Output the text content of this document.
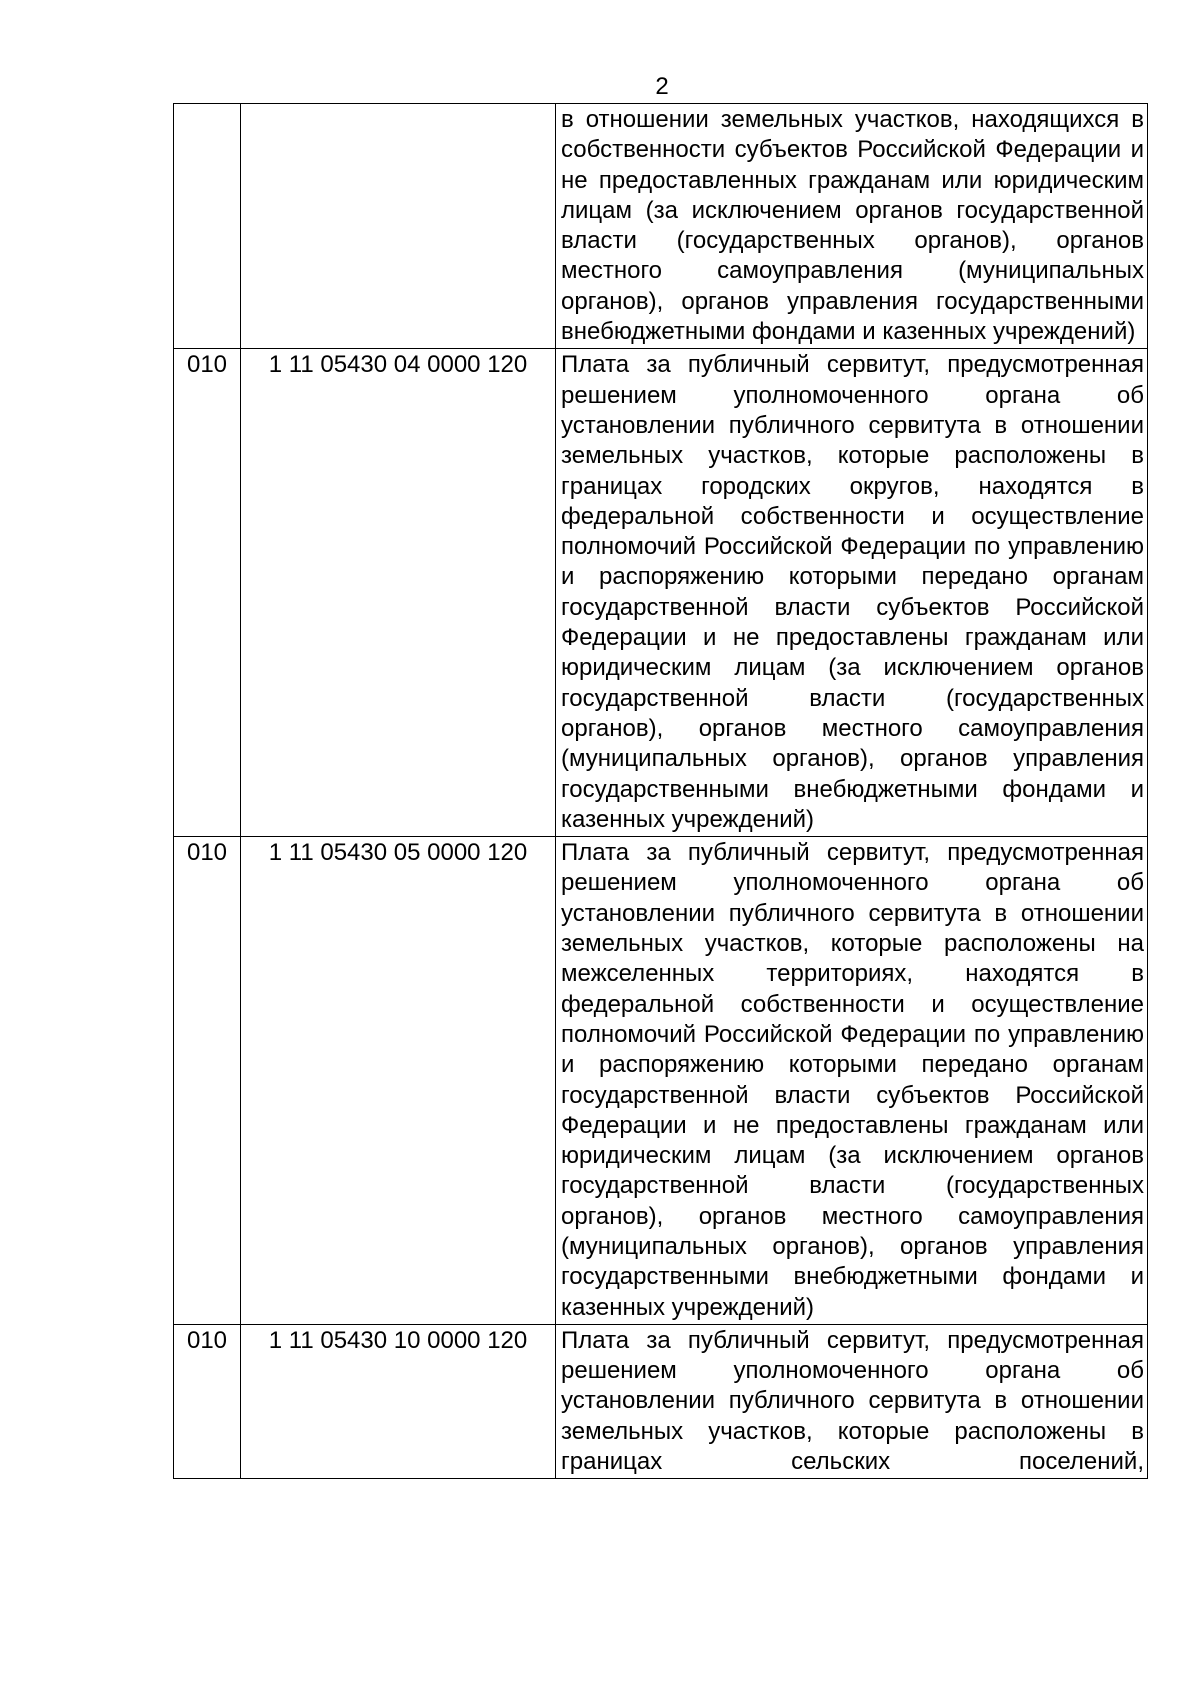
2
		в отношении земельных участков, находящихся в собственности субъектов Российской Федерации и не предоставленных гражданам или юридическим лицам (за исключением органов государственной власти (государственных органов), органов местного самоуправления (муниципальных органов), органов управления государственными внебюджетными фондами и казенных учреждений)
010	1 11 05430 04 0000 120	Плата за публичный сервитут, предусмотренная решением уполномоченного органа об установлении публичного сервитута в отношении земельных участков, которые расположены в границах городских округов, находятся в федеральной собственности и осуществление полномочий Российской Федерации по управлению и распоряжению которыми передано органам государственной власти субъектов Российской Федерации и не предоставлены гражданам или юридическим лицам (за исключением органов государственной власти (государственных органов), органов местного самоуправления (муниципальных органов), органов управления государственными внебюджетными фондами и казенных учреждений)
010	1 11 05430 05 0000 120	Плата за публичный сервитут, предусмотренная решением уполномоченного органа об установлении публичного сервитута в отношении земельных участков, которые расположены на межселенных территориях, находятся в федеральной собственности и осуществление полномочий Российской Федерации по управлению и распоряжению которыми передано органам государственной власти субъектов Российской Федерации и не предоставлены гражданам или юридическим лицам (за исключением органов государственной власти (государственных органов), органов местного самоуправления (муниципальных органов), органов управления государственными внебюджетными фондами и казенных учреждений)
010	1 11 05430 10 0000 120	Плата за публичный сервитут, предусмотренная решением уполномоченного органа об установлении публичного сервитута в отношении земельных участков, которые расположены в границах сельских поселений,
